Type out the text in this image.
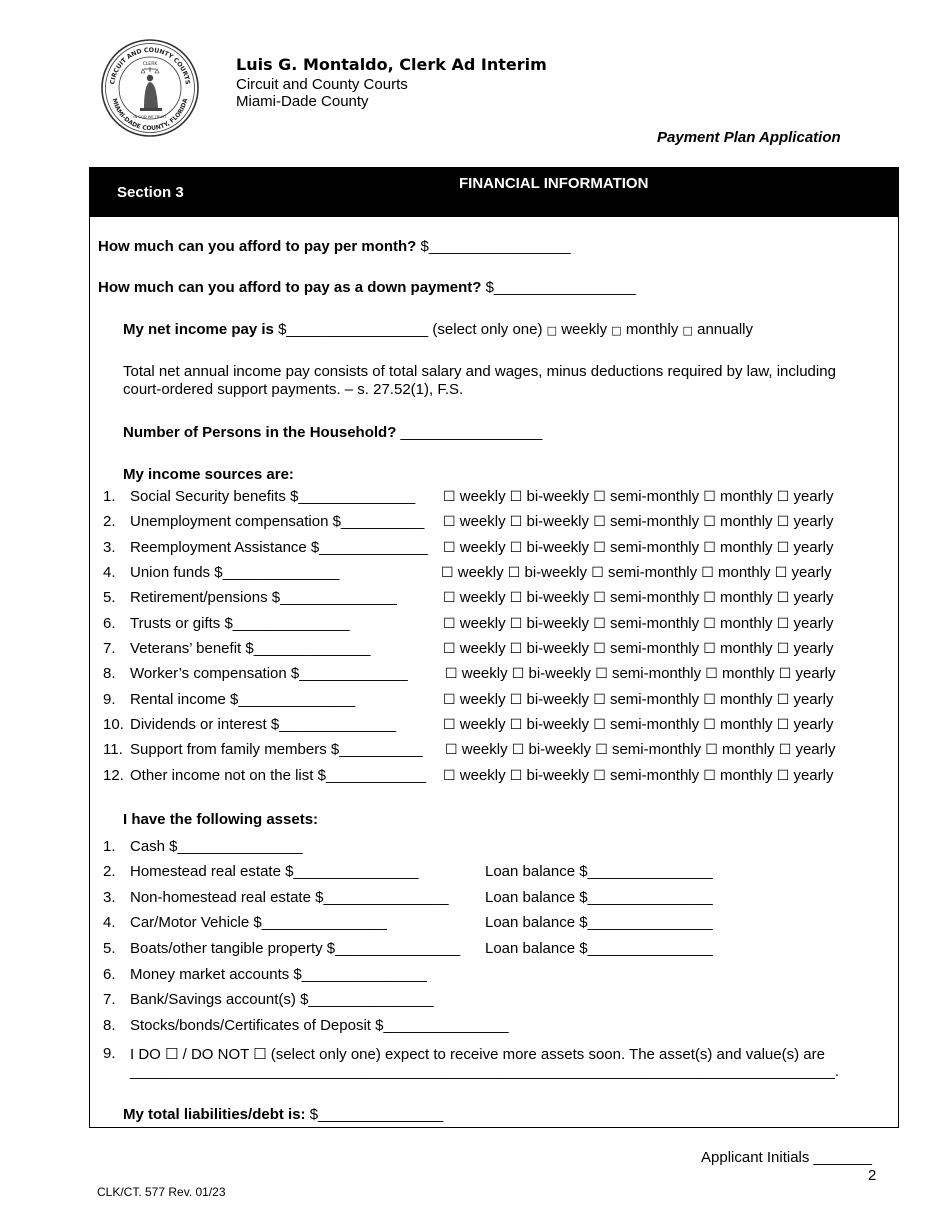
CIRCUIT AND COUNTY COURTS
MIAMI-DADE COUNTY, FLORIDA
CLERK
IN GOD WE TRUST
Luis G. Montaldo, Clerk Ad Interim
Circuit and County Courts
Miami-Dade County
Payment Plan Application
Section 3
FINANCIAL INFORMATION
How much can you afford to pay per month? $_________________
How much can you afford to pay as a down payment? $_________________
My net income pay is $_________________ (select only one) □ weekly □ monthly □ annually
Total net annual income pay consists of total salary and wages, minus deductions required by law, including
court-ordered support payments. – s. 27.52(1), F.S.
Number of Persons in the Household? _________________
My income sources are:
1. Social Security benefits $______________ ☐ weekly ☐ bi-weekly ☐ semi-monthly ☐ monthly ☐ yearly
2. Unemployment compensation $__________ ☐ weekly ☐ bi-weekly ☐ semi-monthly ☐ monthly ☐ yearly
3. Reemployment Assistance $_____________ ☐ weekly ☐ bi-weekly ☐ semi-monthly ☐ monthly ☐ yearly
4. Union funds $______________	☐ weekly ☐ bi-weekly ☐ semi-monthly ☐ monthly ☐ yearly
5. Retirement/pensions $______________	☐ weekly ☐ bi-weekly ☐ semi-monthly ☐ monthly ☐ yearly
6. Trusts or gifts $______________	☐ weekly ☐ bi-weekly ☐ semi-monthly ☐ monthly ☐ yearly
7. Veterans’ benefit $______________	☐ weekly ☐ bi-weekly ☐ semi-monthly ☐ monthly ☐ yearly
8. Worker’s compensation $_____________	☐ weekly ☐ bi-weekly ☐ semi-monthly ☐ monthly ☐ yearly
9. Rental income $______________	☐ weekly ☐ bi-weekly ☐ semi-monthly ☐ monthly ☐ yearly
10. Dividends or interest $______________	☐ weekly ☐ bi-weekly ☐ semi-monthly ☐ monthly ☐ yearly
11. Support from family members $__________ ☐ weekly ☐ bi-weekly ☐ semi-monthly ☐ monthly ☐ yearly
12. Other income not on the list $____________ ☐ weekly ☐ bi-weekly ☐ semi-monthly ☐ monthly ☐ yearly
I have the following assets:
1. Cash $_______________
2. Homestead real estate $_______________	Loan balance $_______________
3. Non-homestead real estate $_______________ Loan balance $_______________
4. Car/Motor Vehicle $_______________	Loan balance $_______________
5. Boats/other tangible property $_______________ Loan balance $_______________
6. Money market accounts $_______________
7. Bank/Savings account(s) $_______________
8. Stocks/bonds/Certificates of Deposit $_______________
9. I DO ☐ / DO NOT ☐ (select only one) expect to receive more assets soon. The asset(s) and value(s) are
_____________________________________________________________________________________.
My total liabilities/debt is: $_______________
Applicant Initials _______
2
CLK/CT. 577 Rev. 01/23
